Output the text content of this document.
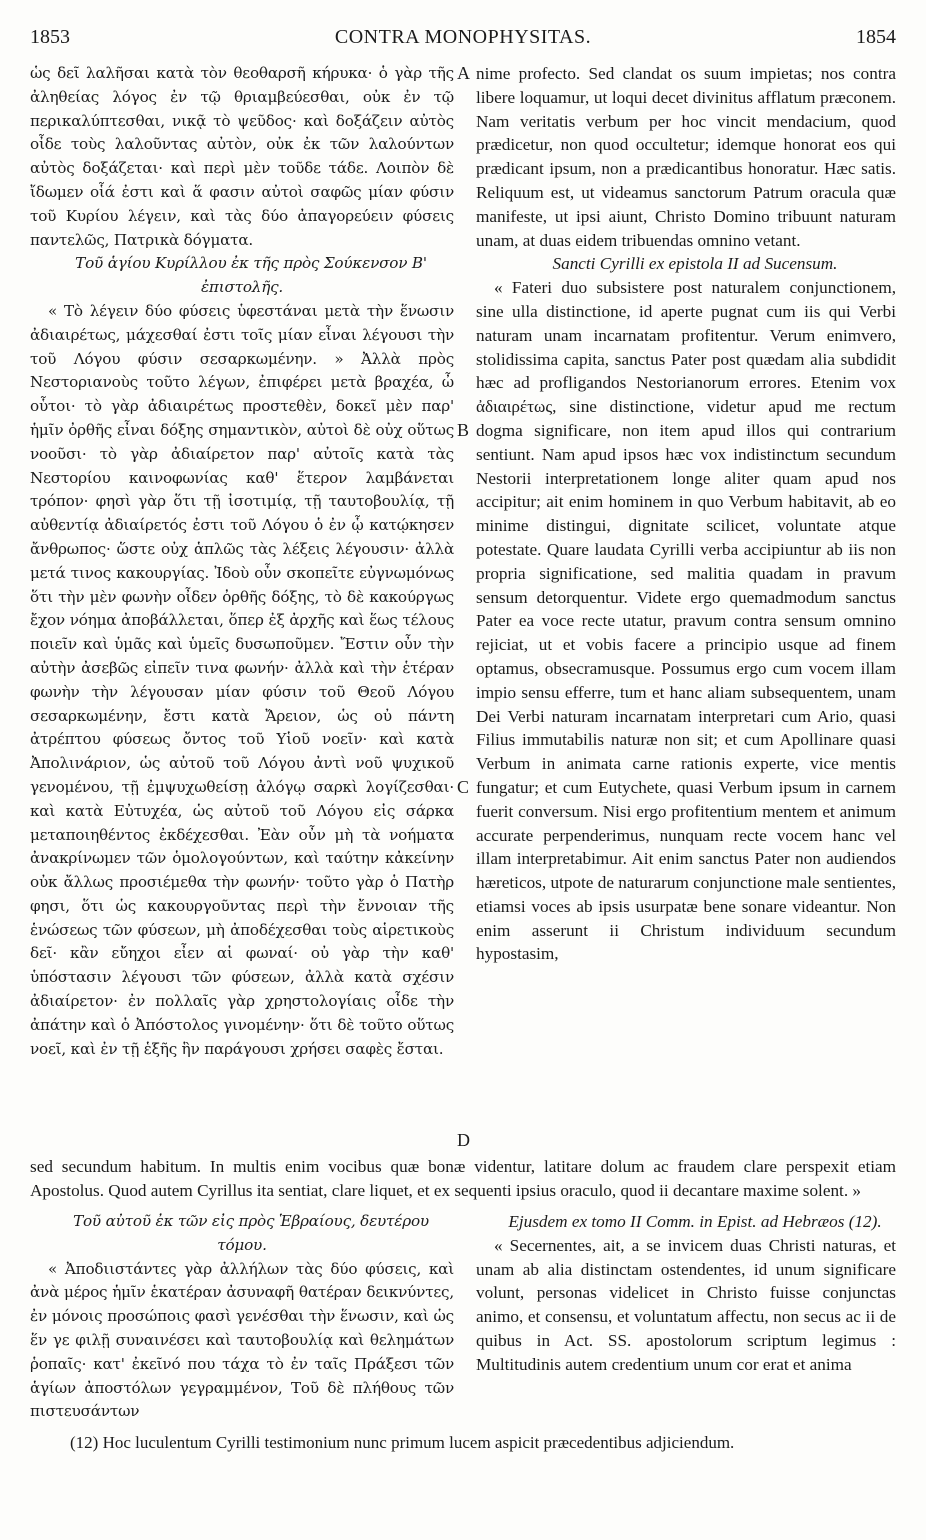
1853	CONTRA MONOPHYSITAS.	1854

ὡς δεῖ λαλῆσαι κατὰ τὸν θεοθαρσῆ κήρυκα· ὁ γὰρ τῆς ἀληθείας λόγος ἐν τῷ θριαμβεύεσθαι, οὐκ ἐν τῷ περικαλύπτεσθαι, νικᾷ τὸ ψεῦδος· καὶ δοξάζειν αὐτὸς οἶδε τοὺς λαλοῦντας αὐτὸν, οὐκ ἐκ τῶν λαλούντων αὐτὸς δοξάζεται· καὶ περὶ μὲν τοῦδε τάδε. Λοιπὸν δὲ ἴδωμεν οἷά ἐστι καὶ ἅ φασιν αὐτοὶ σαφῶς μίαν φύσιν τοῦ Κυρίου λέγειν, καὶ τὰς δύο ἀπαγορεύειν φύσεις παντελῶς, Πατρικὰ δόγματα.

Τοῦ ἁγίου Κυρίλλου ἐκ τῆς πρὸς Σούκενσον Β' ἐπιστολῆς.

« Τὸ λέγειν δύο φύσεις ὑφεστάναι μετὰ τὴν ἕνωσιν ἀδιαιρέτως, μάχεσθαί ἐστι τοῖς μίαν εἶναι λέγουσι τὴν τοῦ Λόγου φύσιν σεσαρκωμένην. » Ἀλλὰ πρὸς Νεστοριανοὺς τοῦτο λέγων, ἐπιφέρει μετὰ βραχέα, ὦ οὗτοι· τὸ γὰρ ἀδιαιρέτως προστεθὲν, δοκεῖ μὲν παρ' ἡμῖν ὀρθῆς εἶναι δόξης σημαντικὸν, αὐτοὶ δὲ οὐχ οὕτως νοοῦσι· τὸ γὰρ ἀδιαίρετον παρ' αὐτοῖς κατὰ τὰς Νεστορίου καινοφωνίας καθ' ἕτερον λαμβάνεται τρόπον· φησὶ γὰρ ὅτι τῇ ἰσοτιμίᾳ, τῇ ταυτοβουλίᾳ, τῇ αὐθεντίᾳ ἀδιαίρετός ἐστι τοῦ Λόγου ὁ ἐν ᾧ κατῴκησεν ἄνθρωπος· ὥστε οὐχ ἁπλῶς τὰς λέξεις λέγουσιν· ἀλλὰ μετά τινος κακουργίας. Ἰδοὺ οὖν σκοπεῖτε εὐγνωμόνως ὅτι τὴν μὲν φωνὴν οἶδεν ὀρθῆς δόξης, τὸ δὲ κακούργως ἔχον νόημα ἀποβάλλεται, ὅπερ ἐξ ἀρχῆς καὶ ἕως τέλους ποιεῖν καὶ ὑμᾶς καὶ ὑμεῖς δυσωποῦμεν. Ἔστιν οὖν τὴν αὐτὴν ἀσεβῶς εἰπεῖν τινα φωνήν· ἀλλὰ καὶ τὴν ἑτέραν φωνὴν τὴν λέγουσαν μίαν φύσιν τοῦ Θεοῦ Λόγου σεσαρκωμένην, ἔστι κατὰ Ἄρειον, ὡς οὐ πάντη ἀτρέπτου φύσεως ὄντος τοῦ Υἱοῦ νοεῖν· καὶ κατὰ Ἀπολινάριον, ὡς αὐτοῦ τοῦ Λόγου ἀντὶ νοῦ ψυχικοῦ γενομένου, τῇ ἐμψυχωθείσῃ ἀλόγῳ σαρκὶ λογίζεσθαι· καὶ κατὰ Εὐτυχέα, ὡς αὐτοῦ τοῦ Λόγου εἰς σάρκα μεταποιηθέντος ἐκδέχεσθαι. Ἐὰν οὖν μὴ τὰ νοήματα ἀνακρίνωμεν τῶν ὁμολογούντων, καὶ ταύτην κἀκείνην οὐκ ἄλλως προσιέμεθα τὴν φωνήν· τοῦτο γὰρ ὁ Πατὴρ φησι, ὅτι ὡς κακουργοῦντας περὶ τὴν ἔννοιαν τῆς ἑνώσεως τῶν φύσεων, μὴ ἀποδέχεσθαι τοὺς αἱρετικοὺς δεῖ· κἂν εὔηχοι εἶεν αἱ φωναί· οὐ γὰρ τὴν καθ' ὑπόστασιν λέγουσι τῶν φύσεων, ἀλλὰ κατὰ σχέσιν ἀδιαίρετον· ἐν πολλαῖς γὰρ χρηστολογίαις οἶδε τὴν ἀπάτην καὶ ὁ Ἀπόστολος γινομένην· ὅτι δὲ τοῦτο οὕτως νοεῖ, καὶ ἐν τῇ ἑξῆς ἣν παράγουσι χρήσει σαφὲς ἔσται.

nime profecto. Sed clandat os suum impietas; nos contra libere loquamur, ut loqui decet divinitus afflatum præconem. Nam veritatis verbum per hoc vincit mendacium, quod prædicetur, non quod occultetur; idemque honorat eos qui prædicant ipsum, non a prædicantibus honoratur. Hæc satis. Reliquum est, ut videamus sanctorum Patrum oracula quæ manifeste, ut ipsi aiunt, Christo Domino tribuunt naturam unam, at duas eidem tribuendas omnino vetant.

Sancti Cyrilli ex epistola II ad Sucensum.

« Fateri duo subsistere post naturalem conjunctionem, sine ulla distinctione, id aperte pugnat cum iis qui Verbi naturam unam incarnatam profitentur. Verum enimvero, stolidissima capita, sanctus Pater post quædam alia subdidit hæc ad profligandos Nestorianorum errores. Etenim vox ἀδιαιρέτως, sine distinctione, videtur apud me rectum dogma significare, non item apud illos qui contrarium sentiunt. Nam apud ipsos hæc vox indistinctum secundum Nestorii interpretationem longe aliter quam apud nos accipitur; ait enim hominem in quo Verbum habitavit, ab eo minime distingui, dignitate scilicet, voluntate atque potestate. Quare laudata Cyrilli verba accipiuntur ab iis non propria significatione, sed malitia quadam in pravum sensum detorquentur. Videte ergo quemadmodum sanctus Pater ea voce recte utatur, pravum contra sensum omnino rejiciat, ut et vobis facere a principio usque ad finem optamus, obsecramusque. Possumus ergo cum vocem illam impio sensu efferre, tum et hanc aliam subsequentem, unam Dei Verbi naturam incarnatam interpretari cum Ario, quasi Filius immutabilis naturæ non sit; et cum Apollinare quasi Verbum in animata carne rationis experte, vice mentis fungatur; et cum Eutychete, quasi Verbum ipsum in carnem fuerit conversum. Nisi ergo profitentium mentem et animum accurate perpenderimus, nunquam recte vocem hanc vel illam interpretabimur. Ait enim sanctus Pater non audiendos hæreticos, utpote de naturarum conjunctione male sentientes, etiamsi voces ab ipsis usurpatæ bene sonare videantur. Non enim asserunt ii Christum individuum secundum hypostasim,

A
B
C
D
sed secundum habitum. In multis enim vocibus quæ bonæ videntur, latitare dolum ac fraudem clare perspexit etiam Apostolus. Quod autem Cyrillus ita sentiat, clare liquet, et ex sequenti ipsius oraculo, quod ii decantare maxime solent. »

Τοῦ αὐτοῦ ἐκ τῶν εἰς πρὸς Ἑβραίους, δευτέρου τόμου.

« Ἀποδιιστάντες γὰρ ἀλλήλων τὰς δύο φύσεις, καὶ ἀνὰ μέρος ἡμῖν ἑκατέραν ἀσυναφῆ θατέραν δεικνύντες, ἐν μόνοις προσώποις φασὶ γενέσθαι τὴν ἕνωσιν, καὶ ὡς ἕν γε φιλῇ συναινέσει καὶ ταυτοβουλίᾳ καὶ θελημάτων ῥοπαῖς· κατ' ἐκεῖνό που τάχα τὸ ἐν ταῖς Πράξεσι τῶν ἁγίων ἀποστόλων γεγραμμένον, Τοῦ δὲ πλήθους τῶν πιστευσάντων

Ejusdem ex tomo II Comm. in Epist. ad Hebræos (12).

« Secernentes, ait, a se invicem duas Christi naturas, et unam ab alia distinctam ostendentes, id unum significare volunt, personas videlicet in Christo fuisse conjunctas animo, et consensu, et voluntatum affectu, non secus ac ii de quibus in Act. SS. apostolorum scriptum legimus : Multitudinis autem credentium unum cor erat et anima

(12) Hoc luculentum Cyrilli testimonium nunc primum lucem aspicit præcedentibus adjiciendum.
